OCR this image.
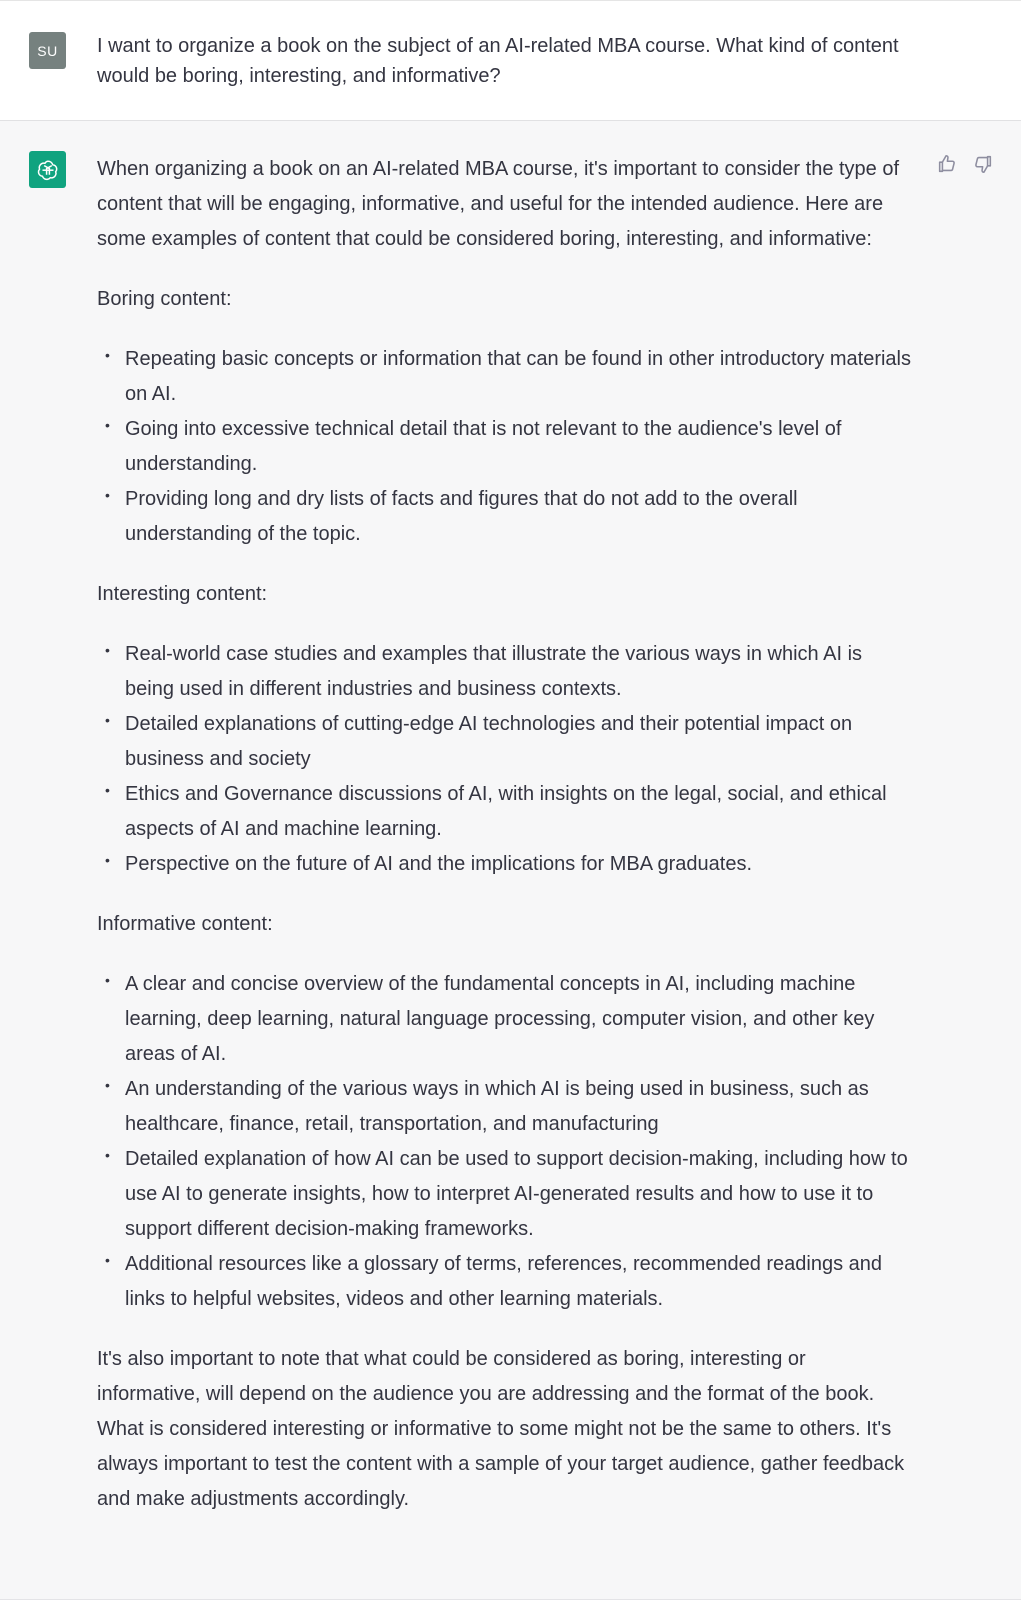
SU	I want to organize a book on the subject of an AI-related MBA course. What kind of content would be boring, interesting, and informative?

When organizing a book on an AI-related MBA course, it's important to consider the type of content that will be engaging, informative, and useful for the intended audience. Here are some examples of content that could be considered boring, interesting, and informative:

Boring content:

• Repeating basic concepts or information that can be found in other introductory materials on AI.
• Going into excessive technical detail that is not relevant to the audience's level of understanding.
• Providing long and dry lists of facts and figures that do not add to the overall understanding of the topic.

Interesting content:

• Real-world case studies and examples that illustrate the various ways in which AI is being used in different industries and business contexts.
• Detailed explanations of cutting-edge AI technologies and their potential impact on business and society
• Ethics and Governance discussions of AI, with insights on the legal, social, and ethical aspects of AI and machine learning.
• Perspective on the future of AI and the implications for MBA graduates.

Informative content:

• A clear and concise overview of the fundamental concepts in AI, including machine learning, deep learning, natural language processing, computer vision, and other key areas of AI.
• An understanding of the various ways in which AI is being used in business, such as healthcare, finance, retail, transportation, and manufacturing
• Detailed explanation of how AI can be used to support decision-making, including how to use AI to generate insights, how to interpret AI-generated results and how to use it to support different decision-making frameworks.
• Additional resources like a glossary of terms, references, recommended readings and links to helpful websites, videos and other learning materials.

It's also important to note that what could be considered as boring, interesting or informative, will depend on the audience you are addressing and the format of the book. What is considered interesting or informative to some might not be the same to others. It's always important to test the content with a sample of your target audience, gather feedback and make adjustments accordingly.
